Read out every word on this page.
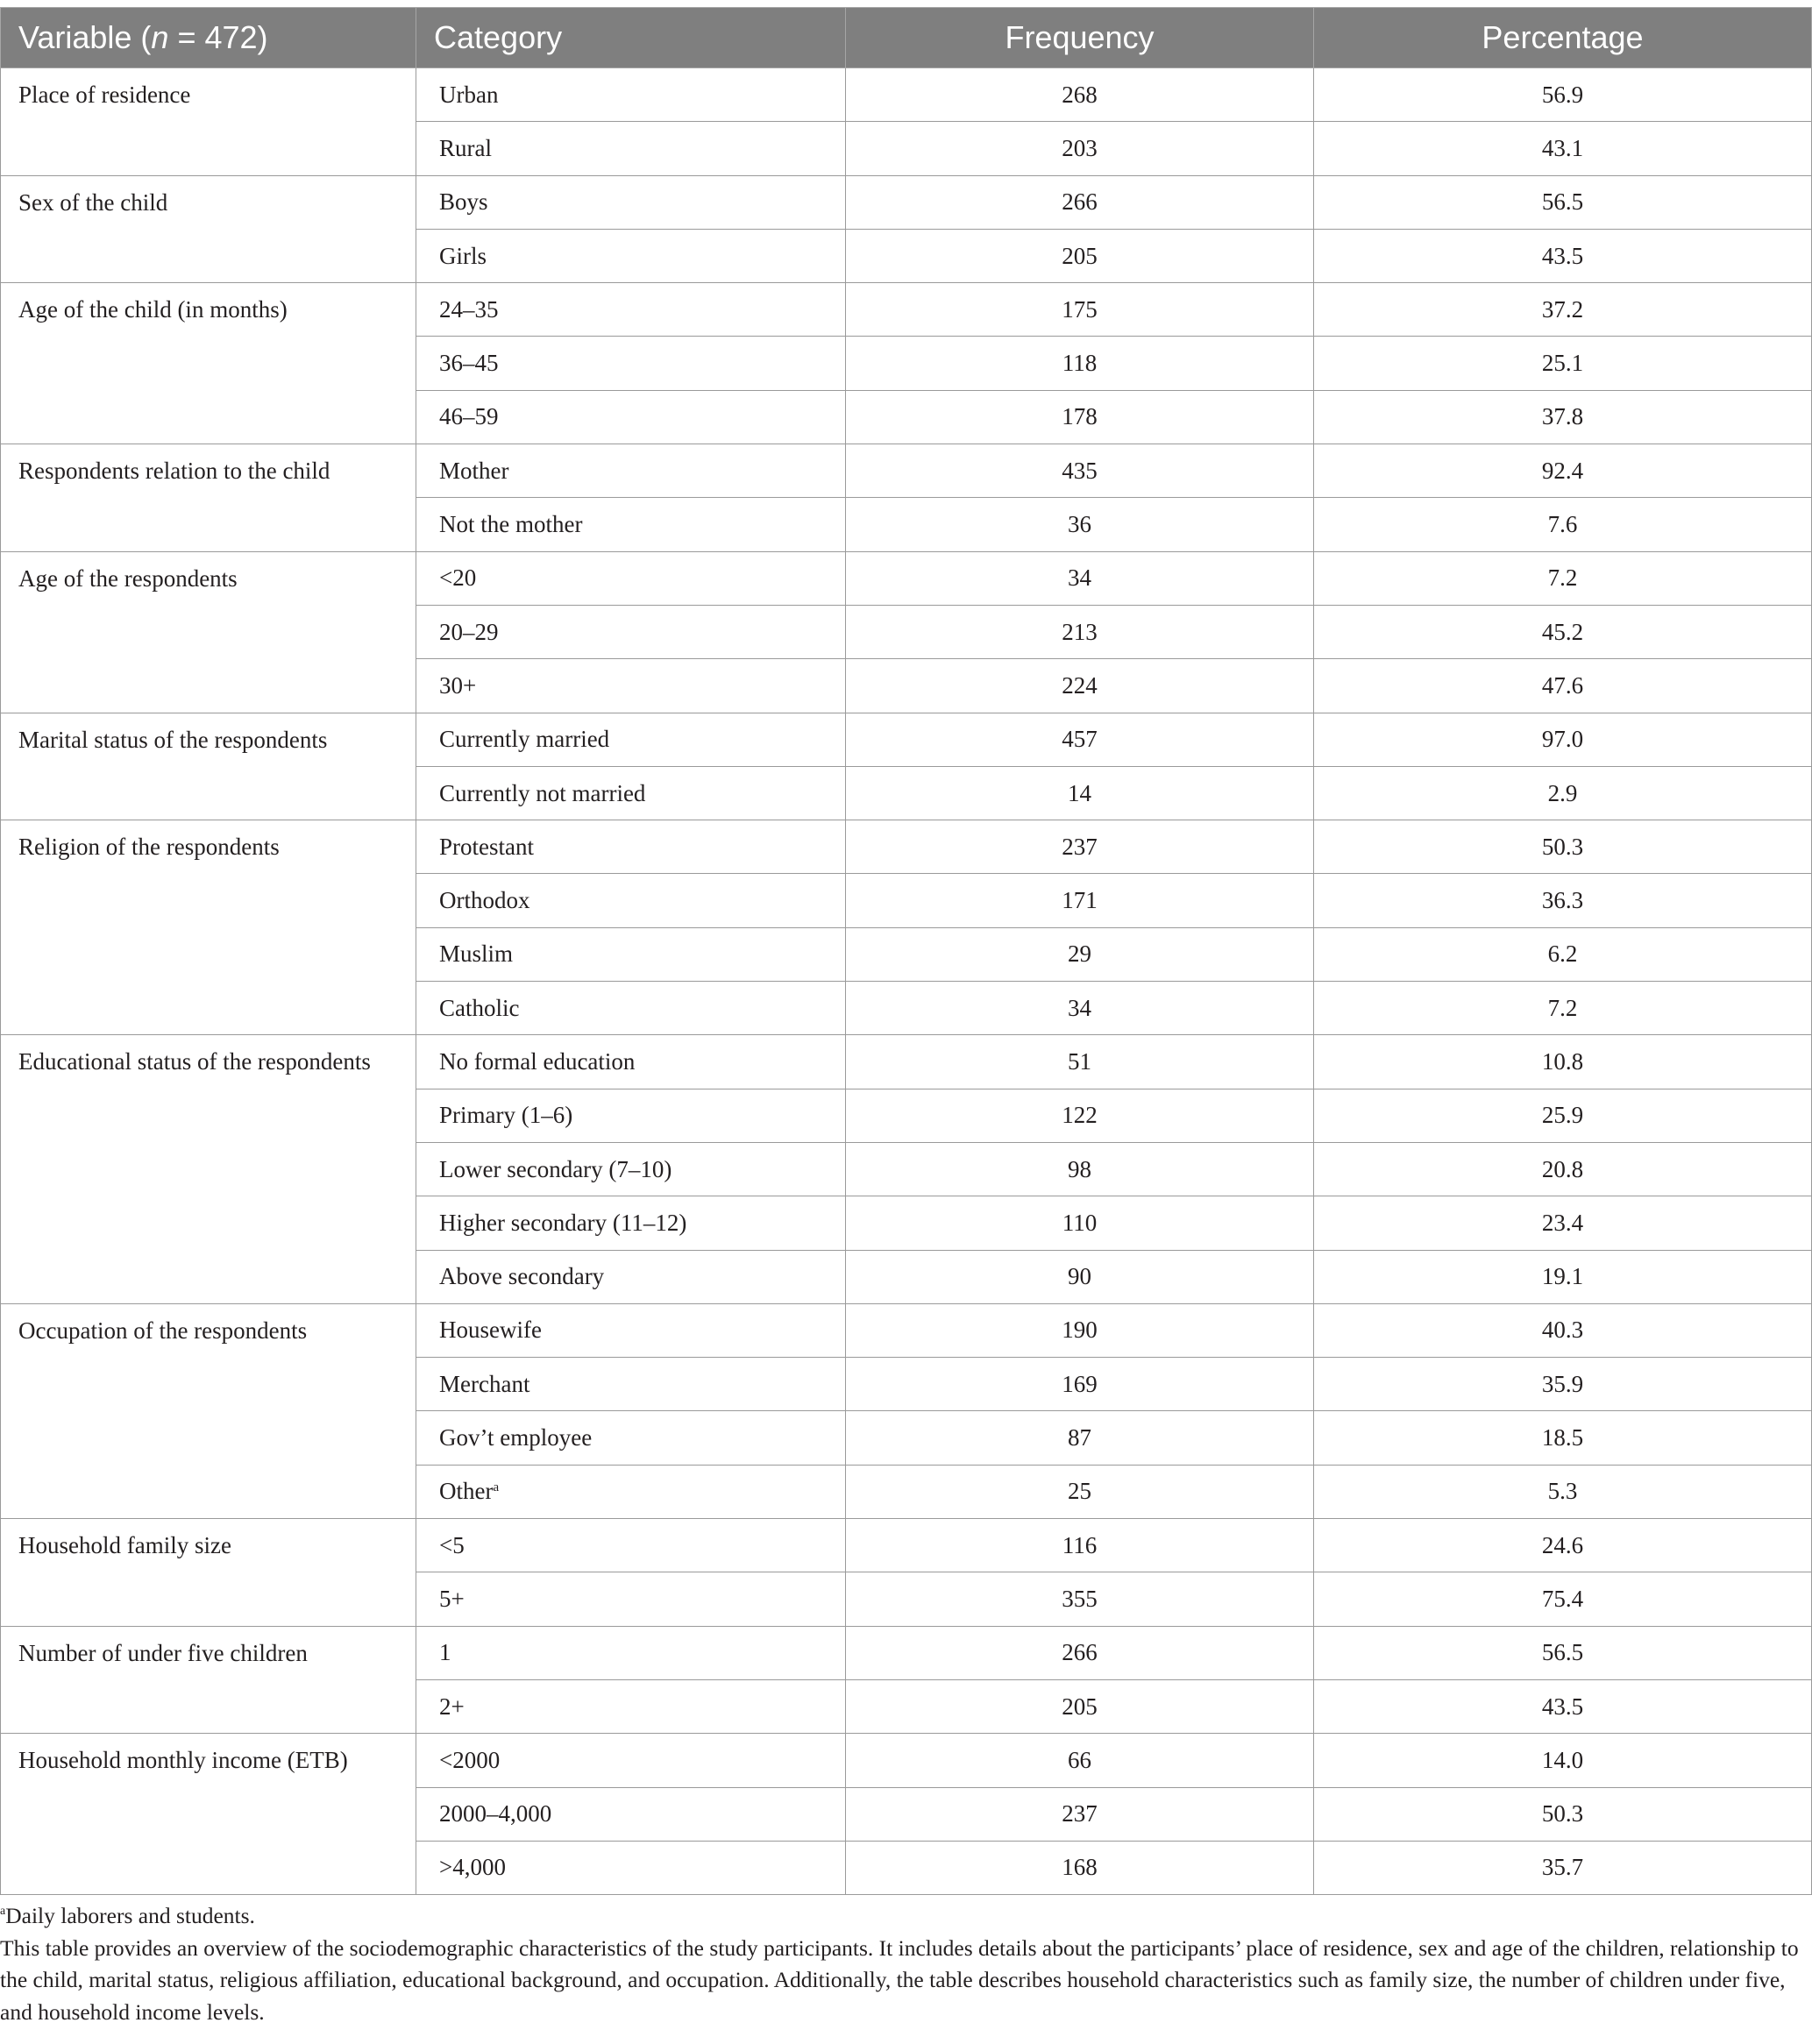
Variable (n = 472)	Category	Frequency	Percentage
Place of residence	Urban	268	56.9
	Rural	203	43.1
Sex of the child	Boys	266	56.5
	Girls	205	43.5
Age of the child (in months)	24–35	175	37.2
	36–45	118	25.1
	46–59	178	37.8
Respondents relation to the child	Mother	435	92.4
	Not the mother	36	7.6
Age of the respondents	<20	34	7.2
	20–29	213	45.2
	30+	224	47.6
Marital status of the respondents	Currently married	457	97.0
	Currently not married	14	2.9
Religion of the respondents	Protestant	237	50.3
	Orthodox	171	36.3
	Muslim	29	6.2
	Catholic	34	7.2
Educational status of the respondents	No formal education	51	10.8
	Primary (1–6)	122	25.9
	Lower secondary (7–10)	98	20.8
	Higher secondary (11–12)	110	23.4
	Above secondary	90	19.1
Occupation of the respondents	Housewife	190	40.3
	Merchant	169	35.9
	Gov’t employee	87	18.5
	Other$^a$	25	5.3
Household family size	<5	116	24.6
	5+	355	75.4
Number of under five children	1	266	56.5
	2+	205	43.5
Household monthly income (ETB)	<2000	66	14.0
	2000–4,000	237	50.3
	>4,000	168	35.7

$^a$Daily laborers and students.

This table provides an overview of the sociodemographic characteristics of the study participants. It includes details about the participants’ place of residence, sex and age of the children, relationship to the child, marital status, religious affiliation, educational background, and occupation. Additionally, the table describes household characteristics such as family size, the number of children under five, and household income levels.
